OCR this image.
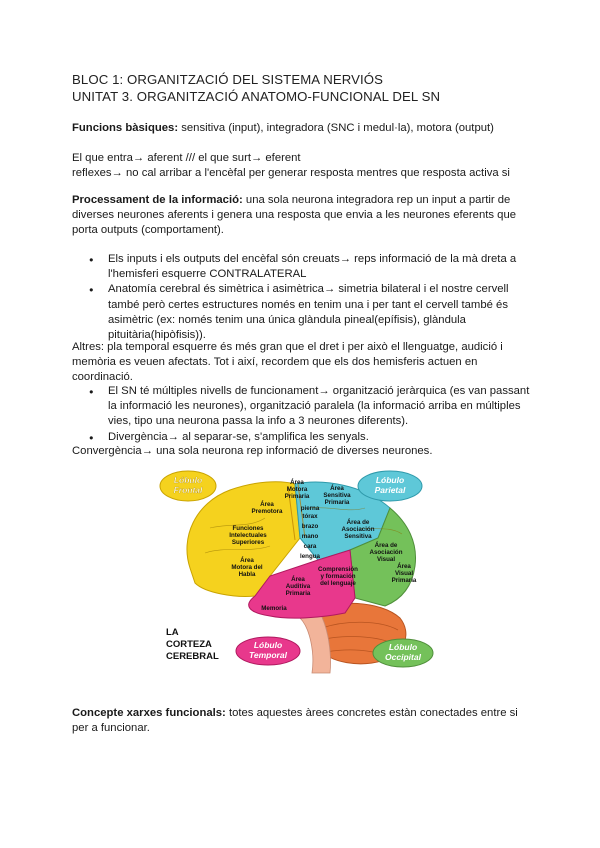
BLOC 1: ORGANITZACIÓ DEL SISTEMA NERVIÓS
UNITAT 3. ORGANITZACIÓ ANATOMO-FUNCIONAL DEL SN
Funcions bàsiques: sensitiva (input), integradora (SNC i medul·la), motora (output)
El que entra→ aferent /// el que surt→ eferent
reflexes→ no cal arribar a l'encèfal per generar resposta mentres que resposta activa si
Processament de la informació: una sola neurona integradora rep un input a partir de
diverses neurones aferents i genera una resposta que envia a les neurones eferents que
porta outputs (comportament).
● Els inputs i els outputs del encèfal són creuats→ reps informació de la mà dreta a
l'hemisferi esquerre CONTRALATERAL
● Anatomía cerebral és simètrica i asimètrica→ simetria bilateral i el nostre cervell
també però certes estructures només en tenim una i per tant el cervell també és
asimètric (ex: només tenim una única glàndula pineal(epífisis), glàndula
pituitària(hipòfisis)).
Altres: pla temporal esquerre és més gran que el dret i per això el llenguatge, audició i
memòria es veuen afectats. Tot i així, recordem que els dos hemisferis actuen en
coordinació.
● El SN té múltiples nivells de funcionament→ organització jeràrquica (es van passant
la informació les neurones), organització paralela (la informació arriba en múltiples
vies, tipo una neurona passa la info a 3 neurones diferents).
● Divergència→ al separar-se, s'amplifica les senyals.
Convergència→ una sola neurona rep informació de diverses neurones.
Lóbulo
Frontal
Lóbulo
Parietal
Lóbulo
Temporal
Lóbulo
Occipital
Área
Motora
Primaria
Área
Sensitiva
Primaria
Área
Premotora	pierna
tórax
brazo
mano
cara
lengua
Área de
Asociación
Sensitiva
Funciones
Intelectuales
Superiores	Área de
Asociación
Visual
Área
Visual
Primaria
Área
Motora del
Habla
Comprensión
y formación
del lenguaje
Área
Auditiva
Primaria
Memoria
LA
CORTEZA
CEREBRAL
Concepte xarxes funcionals: totes aquestes àrees concretes estàn conectades entre si
per a funcionar.
